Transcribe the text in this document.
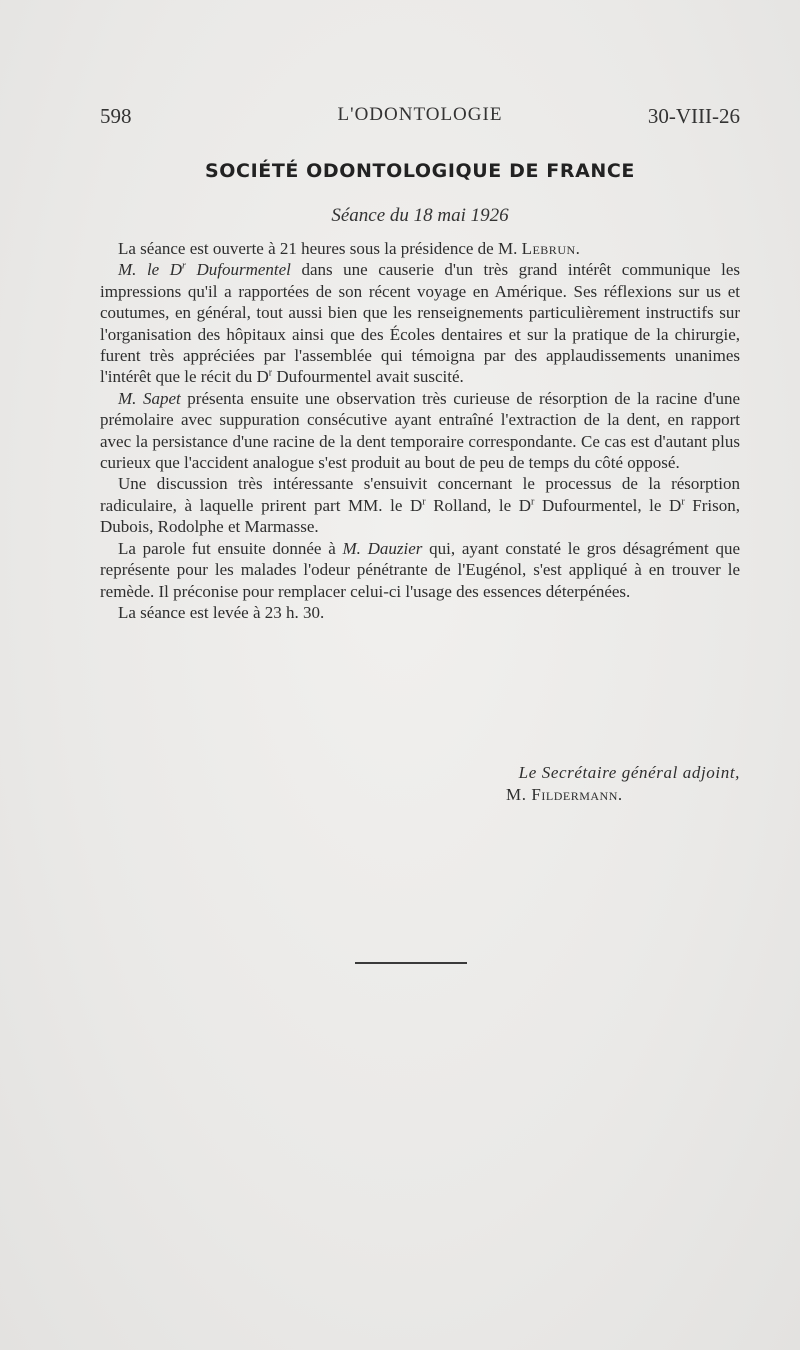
598	L'ODONTOLOGIE	30-VIII-26
SOCIÉTÉ ODONTOLOGIQUE DE FRANCE
Séance du 18 mai 1926

La séance est ouverte à 21 heures sous la présidence de M. Lebrun.

M. le $D^r$ Dufourmentel dans une causerie d'un très grand intérêt communique les impressions qu'il a rapportées de son récent voyage en Amérique. Ses réflexions sur us et coutumes, en général, tout aussi bien que les renseignements particulièrement instructifs sur l'organisation des hôpitaux ainsi que des Écoles dentaires et sur la pratique de la chirurgie, furent très appréciées par l'assemblée qui témoigna par des applaudissements unanimes l'intérêt que le récit du $D^r$ Dufourmentel avait suscité.

M. Sapet présenta ensuite une observation très curieuse de résorption de la racine d'une prémolaire avec suppuration consécutive ayant entraîné l'extraction de la dent, en rapport avec la persistance d'une racine de la dent temporaire correspondante. Ce cas est d'autant plus curieux que l'accident analogue s'est produit au bout de peu de temps du côté opposé.

Une discussion très intéressante s'ensuivit concernant le processus de la résorption radiculaire, à laquelle prirent part MM. le $D^r$ Rolland, le $D^r$ Dufourmentel, le $D^r$ Frison, Dubois, Rodolphe et Marmasse.

La parole fut ensuite donnée à M. Dauzier qui, ayant constaté le gros désagrément que représente pour les malades l'odeur pénétrante de l'Eugénol, s'est appliqué à en trouver le remède. Il préconise pour remplacer celui-ci l'usage des essences déterpénées.

La séance est levée à 23 h. 30.

Le Secrétaire général adjoint,
M. Fildermann.
